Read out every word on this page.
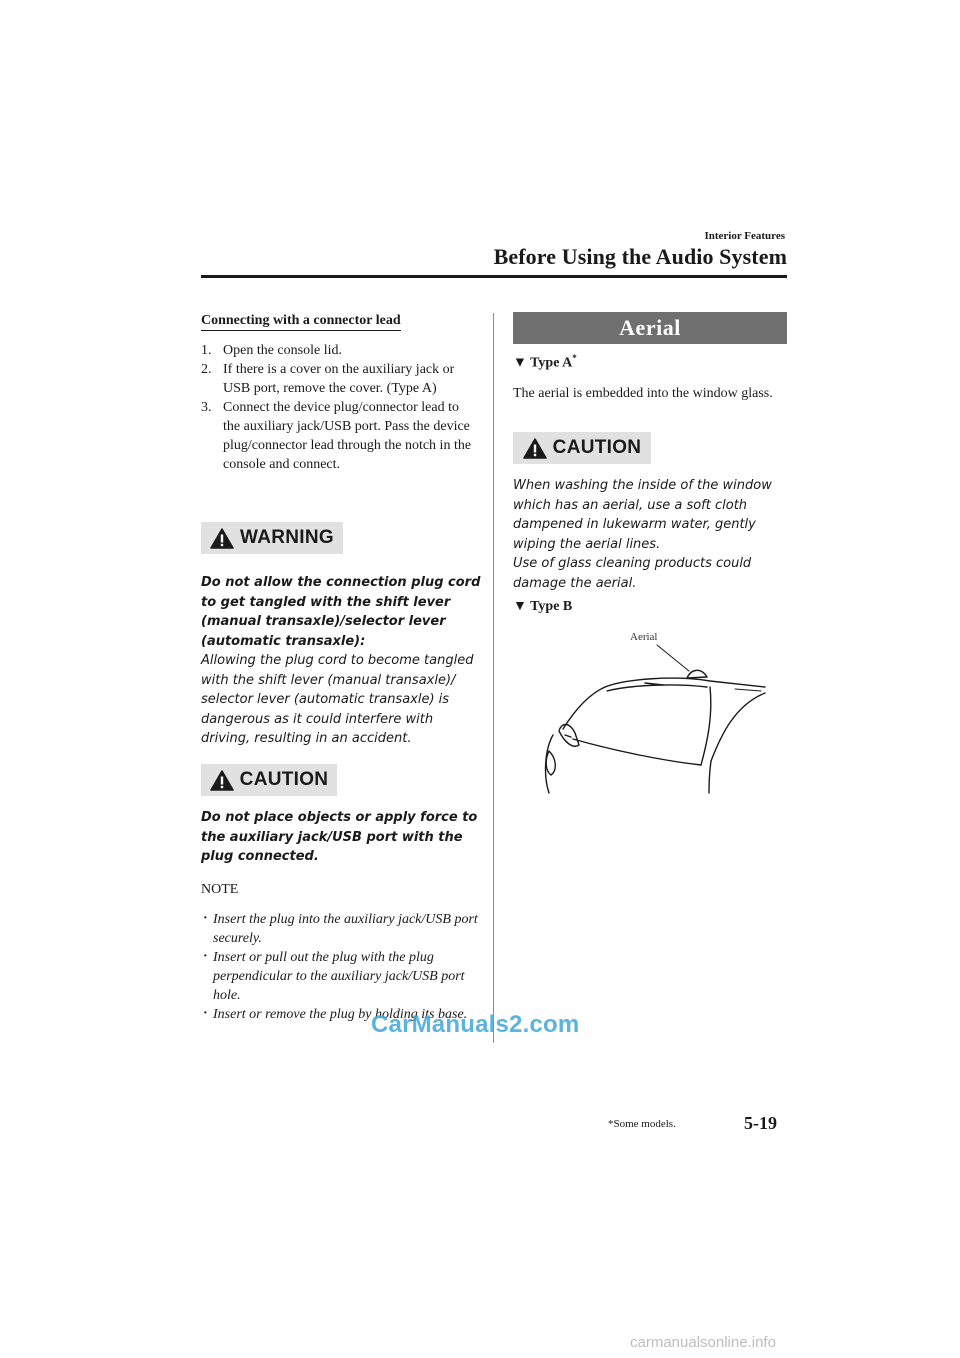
Interior Features
Before Using the Audio System
Connecting with a connector lead
1. Open the console lid.
2. If there is a cover on the auxiliary jack or USB port, remove the cover. (Type A)
3. Connect the device plug/connector lead to the auxiliary jack/USB port. Pass the device plug/connector lead through the notch in the console and connect.
WARNING
Do not allow the connection plug cord to get tangled with the shift lever (manual transaxle)/selector lever (automatic transaxle):
Allowing the plug cord to become tangled with the shift lever (manual transaxle)/ selector lever (automatic transaxle) is dangerous as it could interfere with driving, resulting in an accident.
CAUTION
Do not place objects or apply force to the auxiliary jack/USB port with the plug connected.
NOTE
· Insert the plug into the auxiliary jack/USB port securely.
· Insert or pull out the plug with the plug perpendicular to the auxiliary jack/USB port hole.
· Insert or remove the plug by holding its base.
Aerial
▼ Type A*
The aerial is embedded into the window glass.
CAUTION
When washing the inside of the window which has an aerial, use a soft cloth dampened in lukewarm water, gently wiping the aerial lines.
Use of glass cleaning products could damage the aerial.
▼ Type B
Aerial
*Some models.	5-19
CarManuals2.com
carmanualsonline.info
